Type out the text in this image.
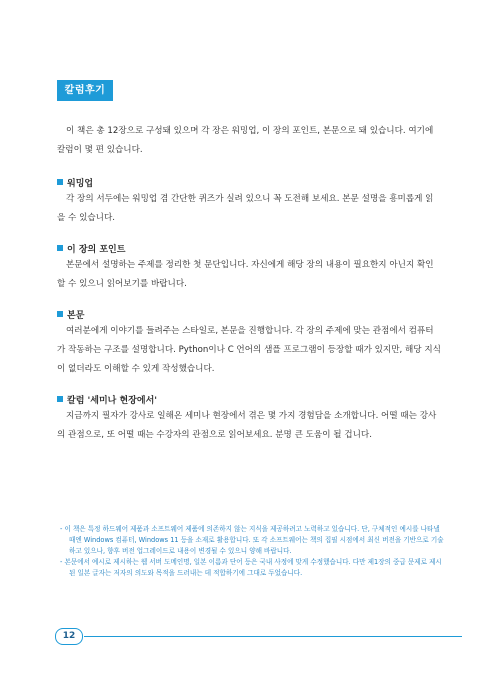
칼럼후기

이 책은 총 12장으로 구성돼 있으며 각 장은 워밍업, 이 장의 포인트, 본문으로 돼 있습니다. 여기에 칼럼이 몇 편 있습니다.

워밍업

각 장의 서두에는 워밍업 겸 간단한 퀴즈가 실려 있으니 꼭 도전해 보세요. 본문 설명을 흥미롭게 읽을 수 있습니다.

이 장의 포인트

본문에서 설명하는 주제를 정리한 첫 문단입니다. 자신에게 해당 장의 내용이 필요한지 아닌지 확인할 수 있으니 읽어보기를 바랍니다.

본문

여러분에게 이야기를 들려주는 스타일로, 본문을 진행합니다. 각 장의 주제에 맞는 관점에서 컴퓨터가 작동하는 구조를 설명합니다. Python이나 C 언어의 샘플 프로그램이 등장할 때가 있지만, 해당 지식이 없더라도 이해할 수 있게 작성했습니다.

칼럼 '세미나 현장에서'

지금까지 필자가 강사로 일해온 세미나 현장에서 겪은 몇 가지 경험담을 소개합니다. 어떨 때는 강사의 관점으로, 또 어떨 때는 수강자의 관점으로 읽어보세요. 분명 큰 도움이 될 겁니다.

- 이 책은 특정 하드웨어 제품과 소프트웨어 제품에 의존하지 않는 지식을 제공하려고 노력하고 있습니다. 단, 구체적인 예시를 나타낼 때엔 Windows 컴퓨터, Windows 11 등을 소재로 활용합니다. 또 각 소프트웨어는 책의 집필 시점에서 최신 버전을 기반으로 기술하고 있으나, 향후 버전 업그레이드로 내용이 변경될 수 있으니 양해 바랍니다.
- 본문에서 예시로 제시하는 웹 서버 도메인명, 일본 이름과 단어 등은 국내 사정에 맞게 수정했습니다. 다만 제1장의 중급 문제로 제시된 일본 글자는 저자의 의도와 목적을 드러내는 데 적합하기에 그대로 두었습니다.
12
